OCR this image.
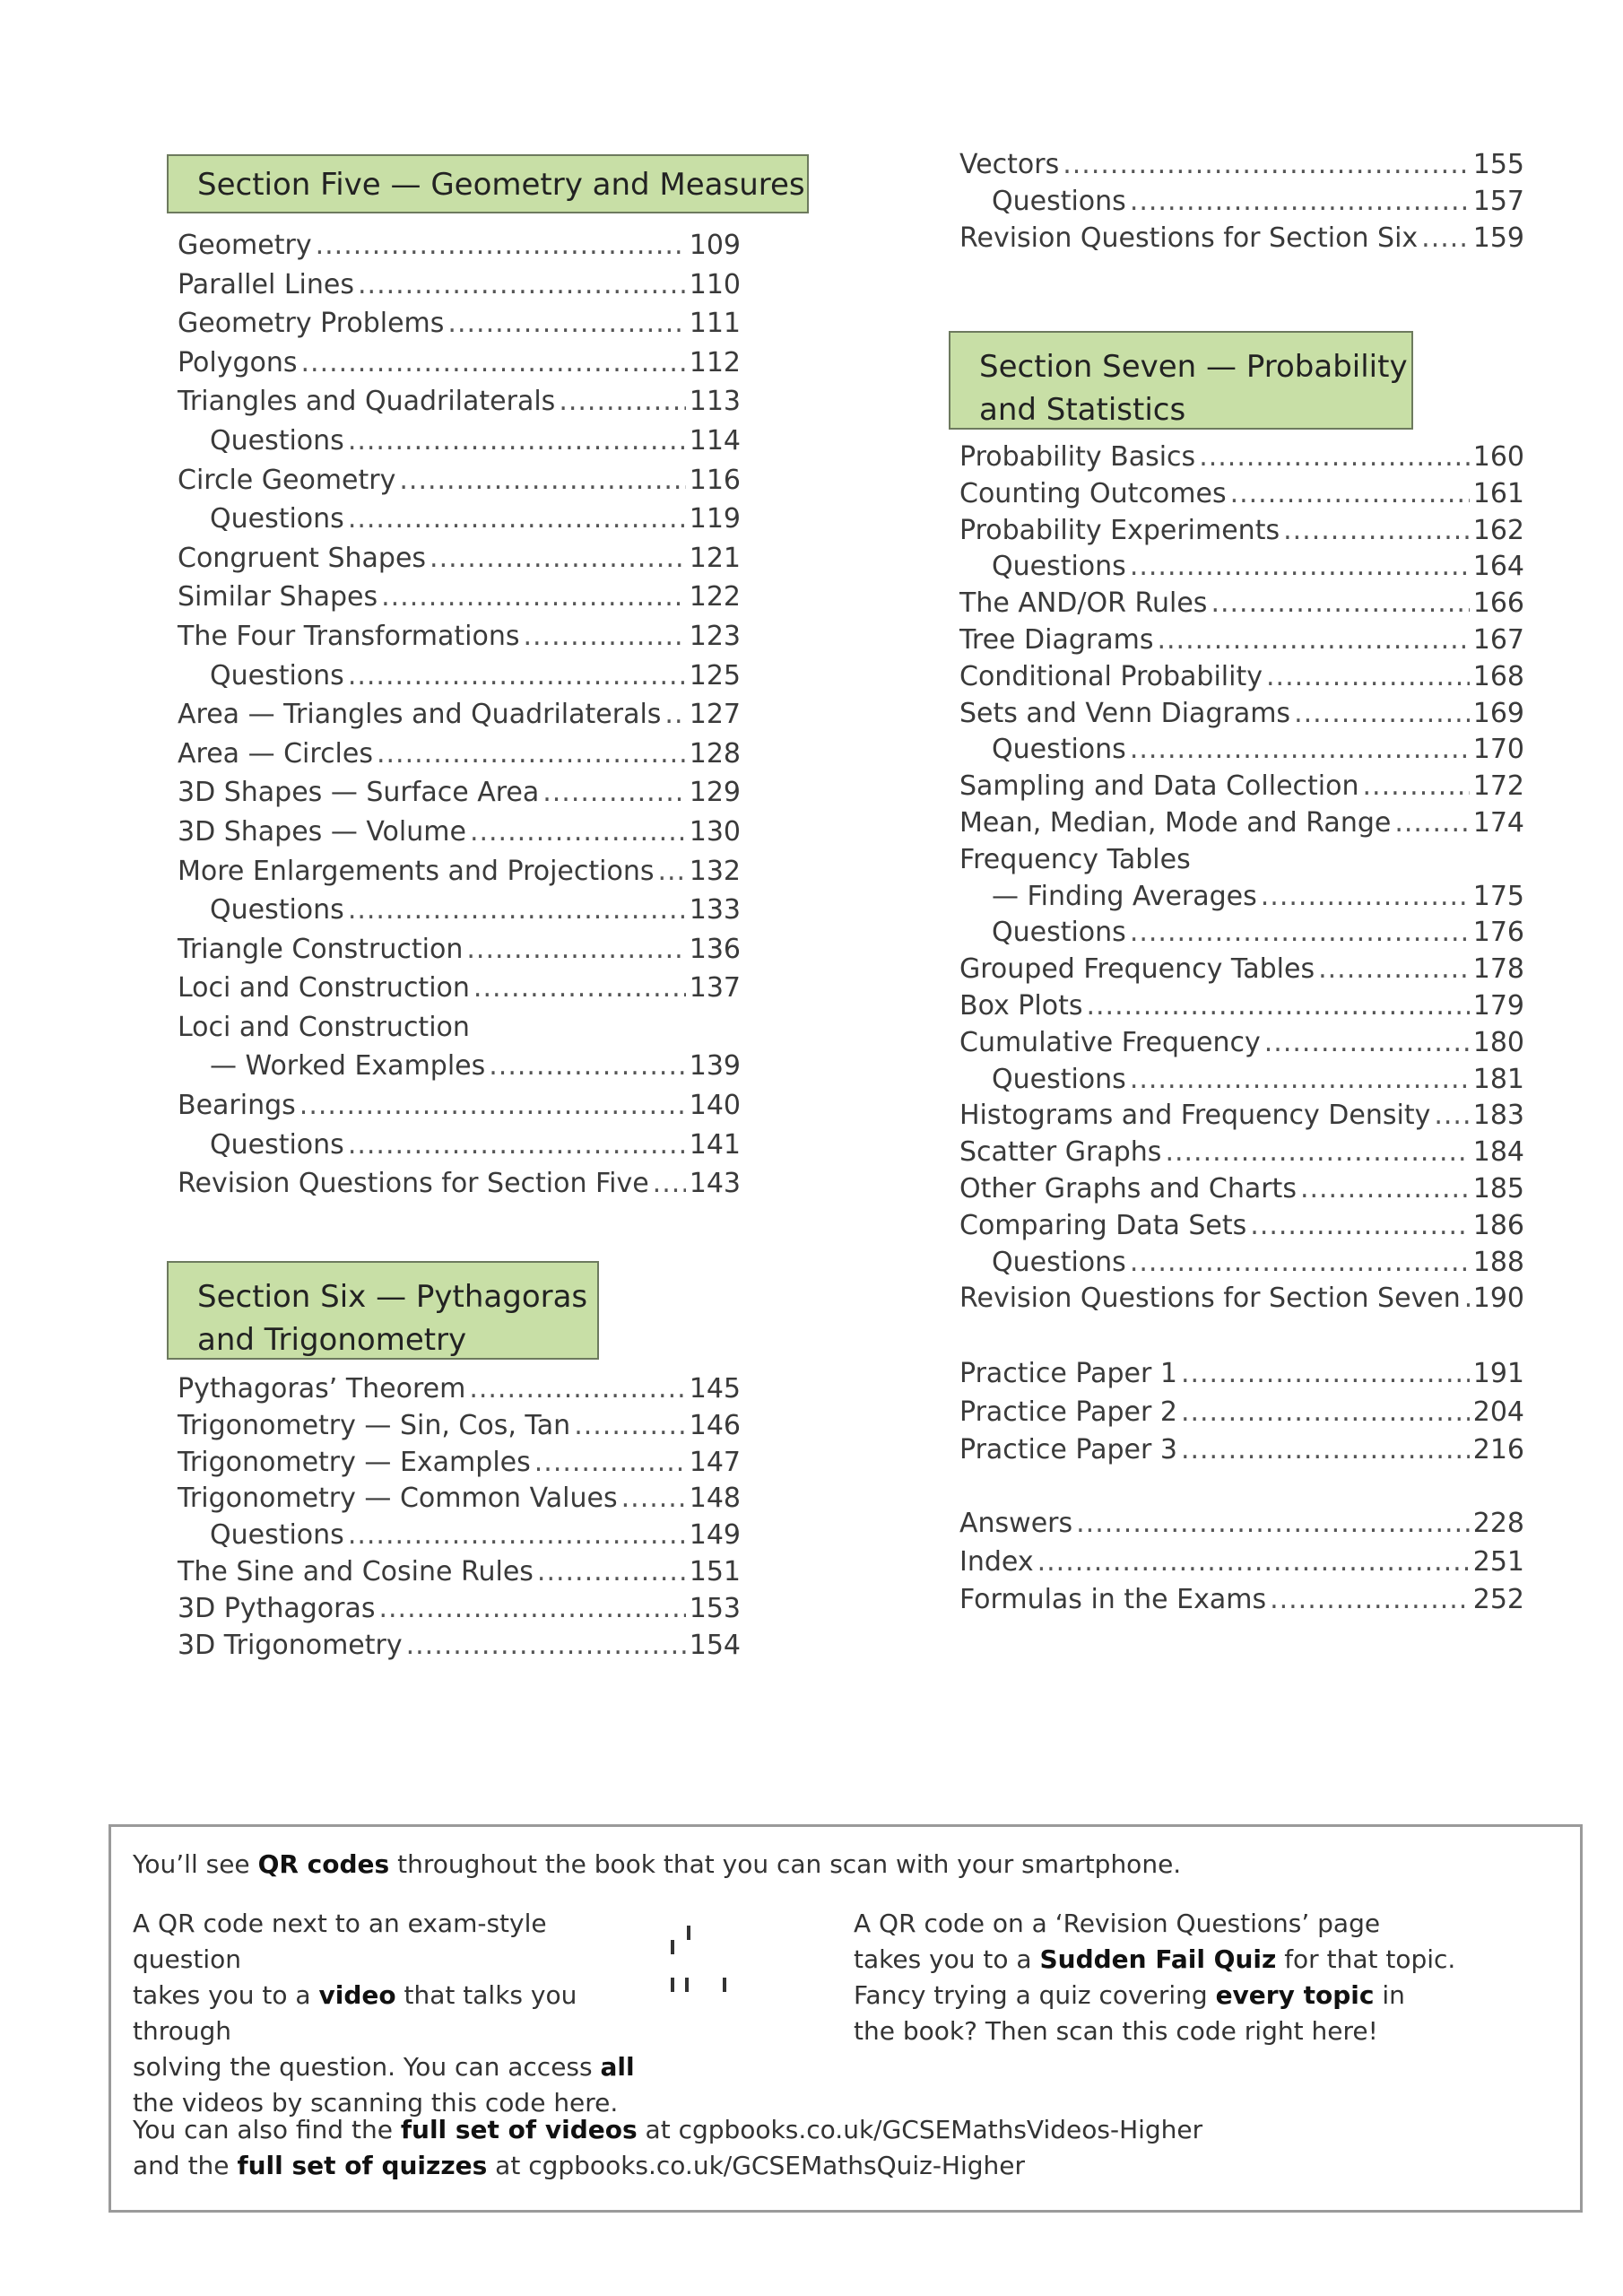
Section Five — Geometry and Measures
Geometry .....	109
Parallel Lines .....	110
Geometry Problems .....	111
Polygons .....	112
Triangles and Quadrilaterals .....	113
Questions .....	114
Circle Geometry .....	116
Questions .....	119
Congruent Shapes .....	121
Similar Shapes .....	122
The Four Transformations .....	123
Questions .....	125
Area — Triangles and Quadrilaterals ..... 127
Area — Circles .....	128
3D Shapes — Surface Area .....	129
3D Shapes — Volume .....	130
More Enlargements and Projections ..... 132
Questions .....	133
Triangle Construction .....	136
Loci and Construction .....	137
Loci and Construction
— Worked Examples .....	139
Bearings .....	140
Questions .....	141
Revision Questions for Section Five ..... 143
Section Six — Pythagoras
and Trigonometry
Pythagoras’ Theorem .....	145
Trigonometry — Sin, Cos, Tan .....	146
Trigonometry — Examples .....	147
Trigonometry — Common Values .....	148
Questions .....	149
The Sine and Cosine Rules .....	151
3D Pythagoras .....	153
3D Trigonometry .....	154
Vectors .....	155
Questions .....	157
Revision Questions for Section Six ..... 159
Section Seven — Probability
and Statistics
Probability Basics .....	160
Counting Outcomes .....	161
Probability Experiments .....	162
Questions .....	164
The AND/OR Rules .....	166
Tree Diagrams .....	167
Conditional Probability .....	168
Sets and Venn Diagrams .....	169
Questions .....	170
Sampling and Data Collection .....	172
Mean, Median, Mode and Range .....	174
Frequency Tables
— Finding Averages .....	175
Questions .....	176
Grouped Frequency Tables .....	178
Box Plots .....	179
Cumulative Frequency .....	180
Questions .....	181
Histograms and Frequency Density ..... 183
Scatter Graphs .....	184
Other Graphs and Charts .....	185
Comparing Data Sets .....	186
Questions .....	188
Revision Questions for Section Seven ..... 190
Practice Paper 1 .....	191
Practice Paper 2 .....	204
Practice Paper 3 .....	216
Answers .....	228
Index .....	251
Formulas in the Exams .....	252

You’ll see QR codes throughout the book that you can scan with your smartphone.

A QR code next to an exam-style question
takes you to a video that talks you through
solving the question. You can access all
the videos by scanning this code here.
A QR code on a ‘Revision Questions’ page
takes you to a Sudden Fail Quiz for that topic.
Fancy trying a quiz covering every topic in
the book? Then scan this code right here!
You can also find the full set of videos at cgpbooks.co.uk/GCSEMathsVideos-Higher
and the full set of quizzes at cgpbooks.co.uk/GCSEMathsQuiz-Higher
